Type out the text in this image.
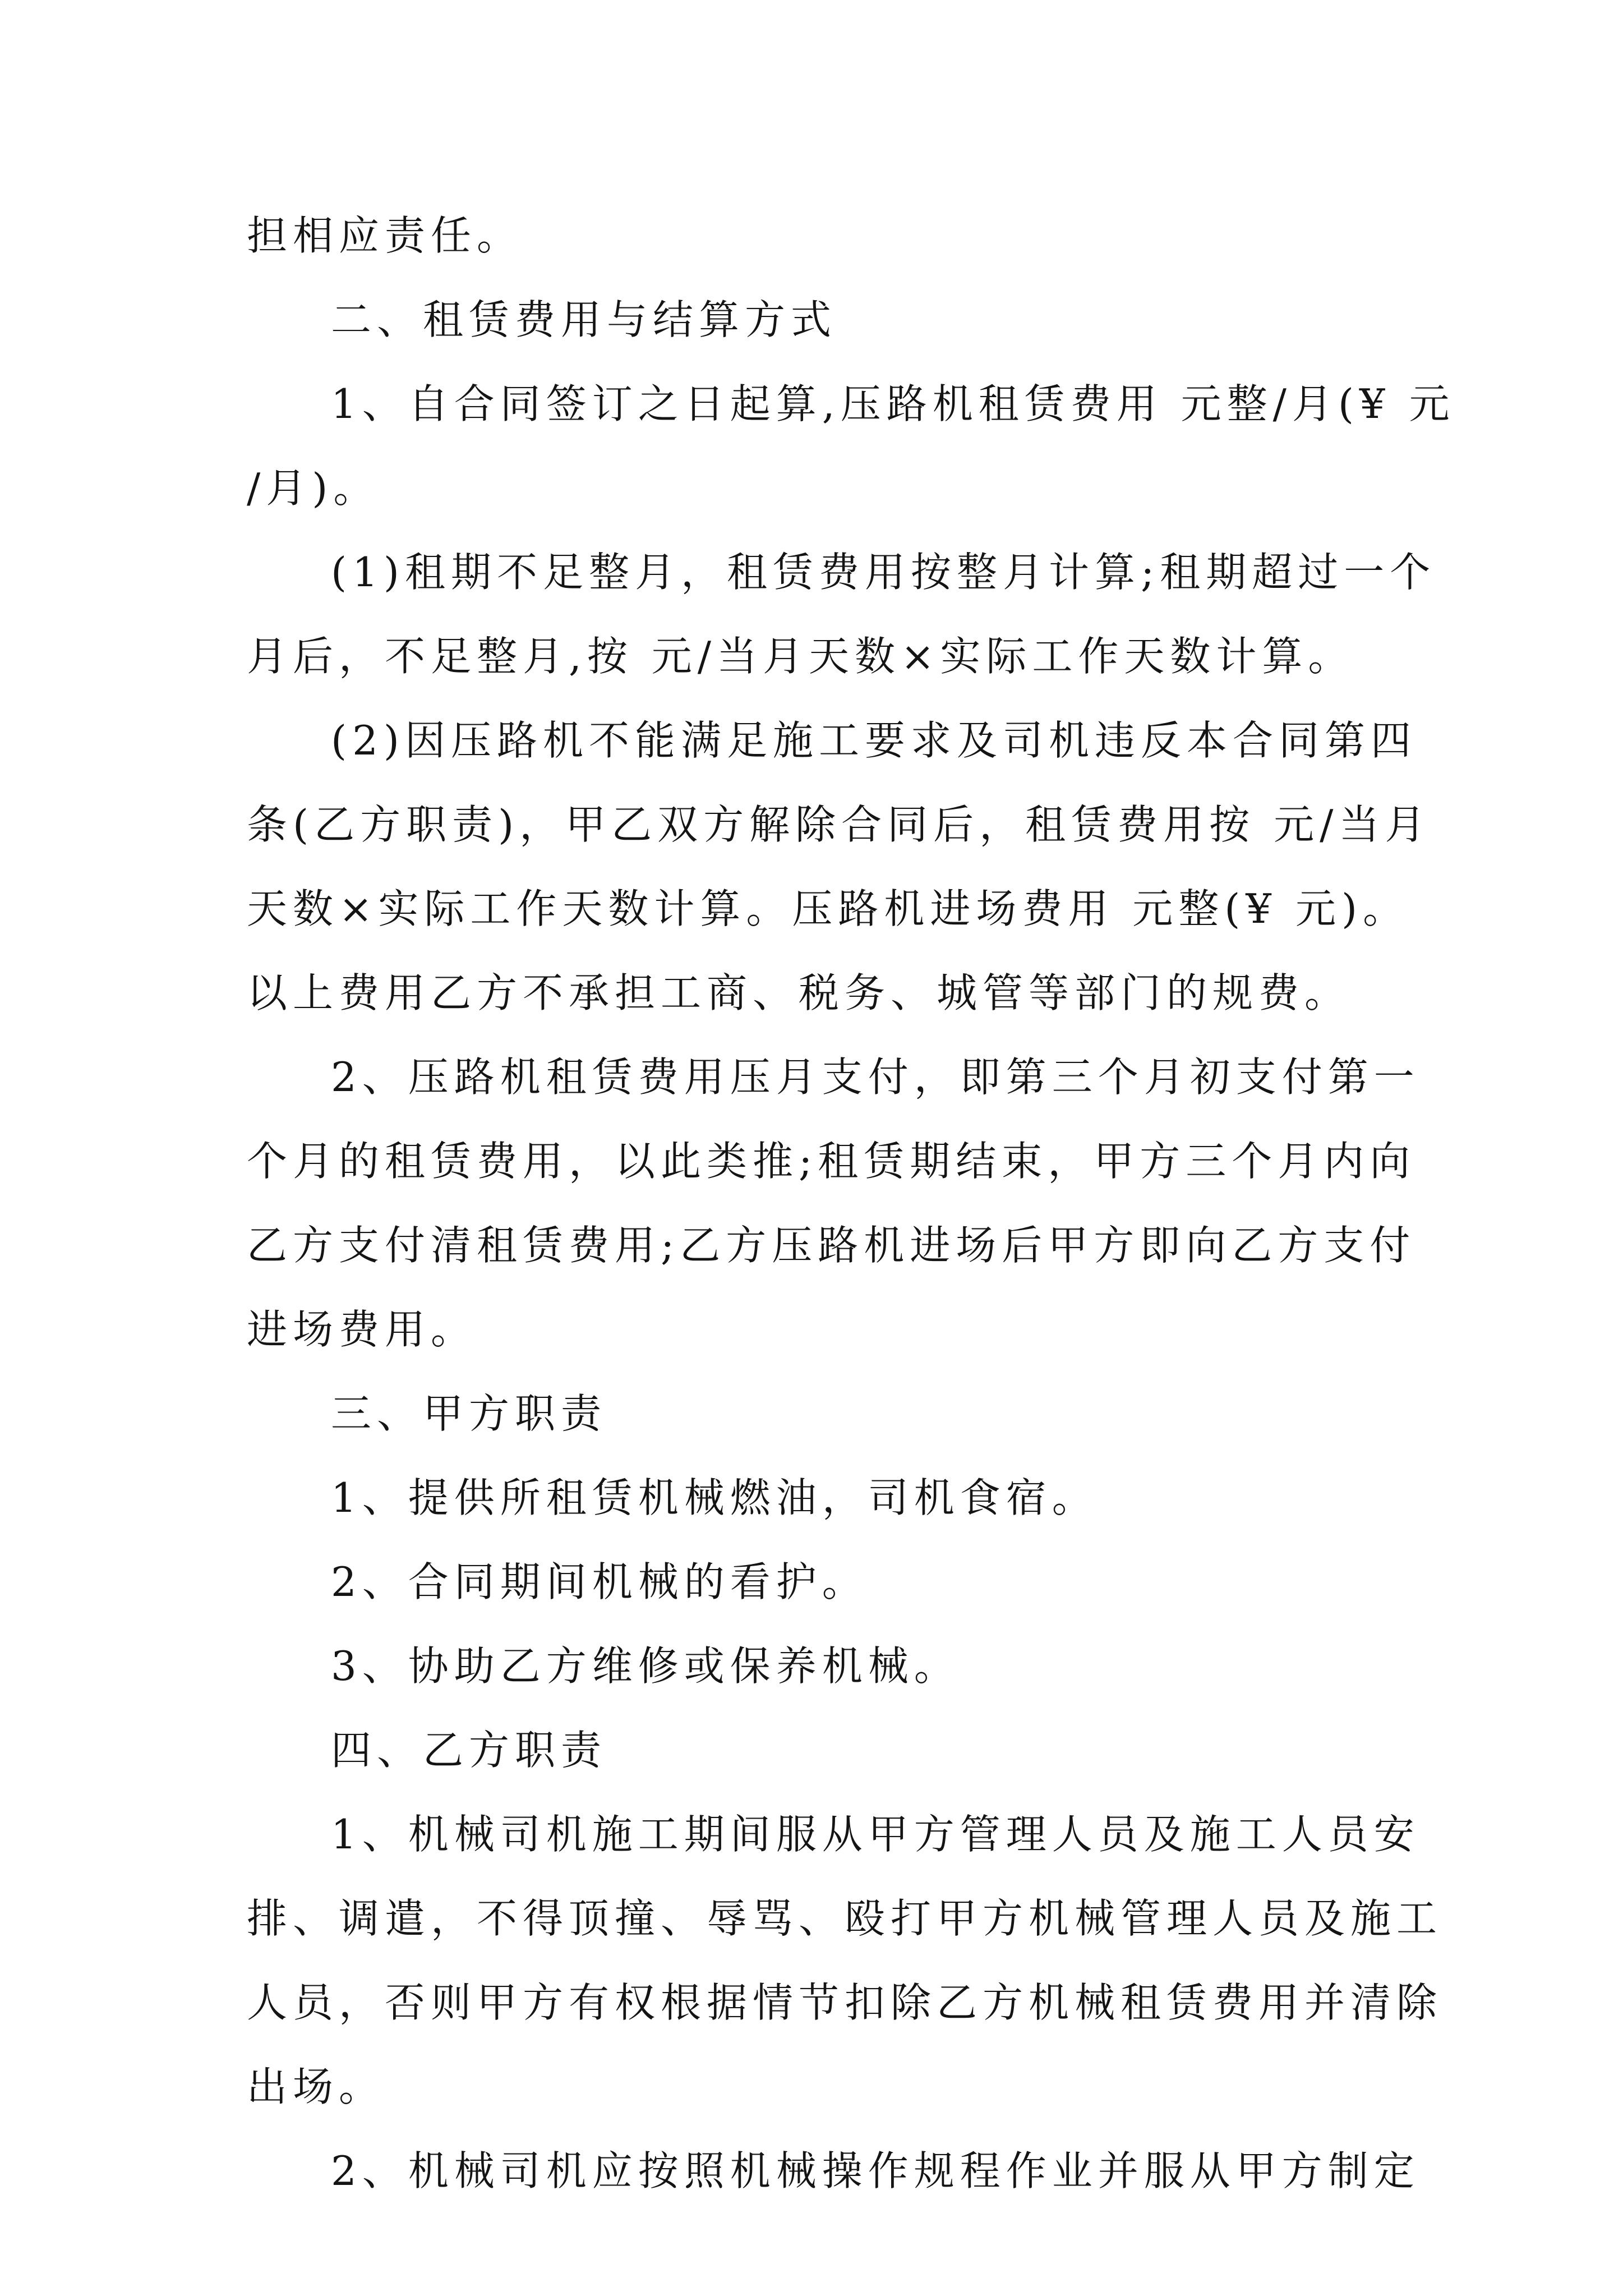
担相应责任。
二、租赁费用与结算方式
1、自合同签订之日起算,压路机租赁费用 元整/月(¥ 元
/月)。
(1)租期不足整月，租赁费用按整月计算;租期超过一个
月后，不足整月,按 元/当月天数×实际工作天数计算。
(2)因压路机不能满足施工要求及司机违反本合同第四
条(乙方职责)，甲乙双方解除合同后，租赁费用按 元/当月
天数×实际工作天数计算。压路机进场费用 元整(¥ 元)。
以上费用乙方不承担工商、税务、城管等部门的规费。
2、压路机租赁费用压月支付，即第三个月初支付第一
个月的租赁费用，以此类推;租赁期结束，甲方三个月内向
乙方支付清租赁费用;乙方压路机进场后甲方即向乙方支付
进场费用。
三、甲方职责
1、提供所租赁机械燃油，司机食宿。
2、合同期间机械的看护。
3、协助乙方维修或保养机械。
四、乙方职责
1、机械司机施工期间服从甲方管理人员及施工人员安
排、调遣，不得顶撞、辱骂、殴打甲方机械管理人员及施工
人员，否则甲方有权根据情节扣除乙方机械租赁费用并清除
出场。
2、机械司机应按照机械操作规程作业并服从甲方制定
